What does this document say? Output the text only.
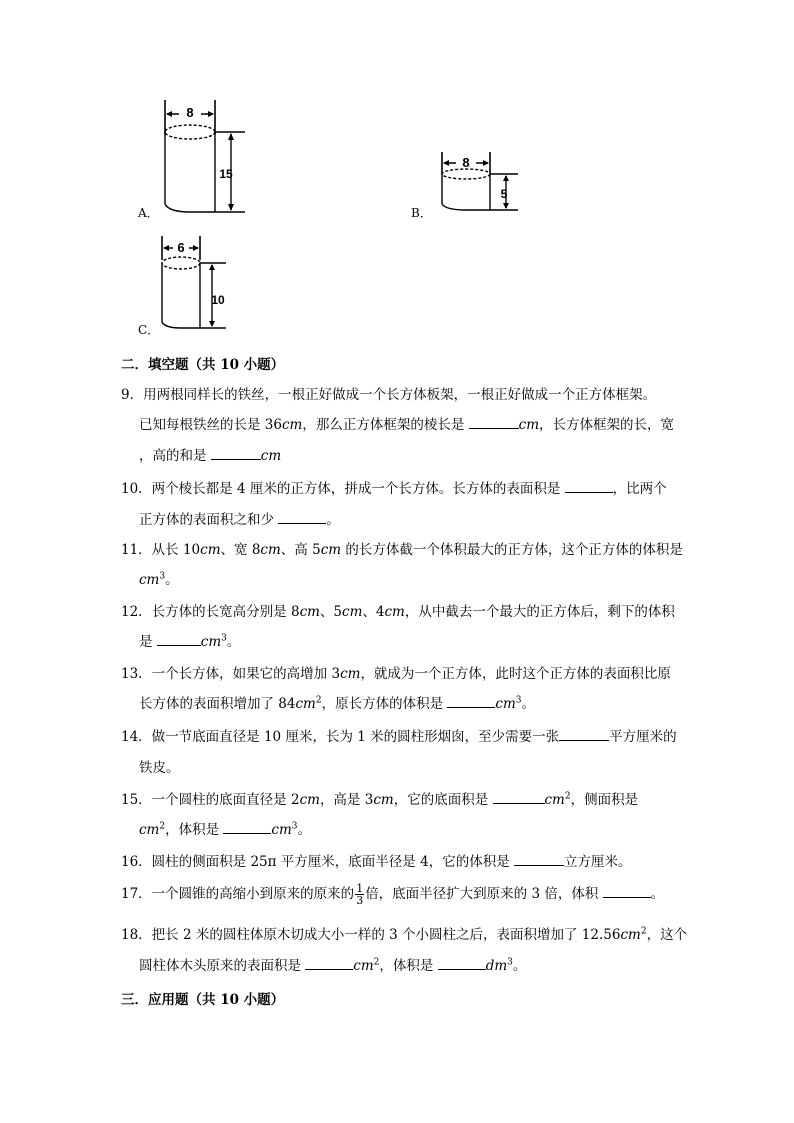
8
15
A．
8
5
B．
6
10
C．
二．填空题（共 10 小题）
9．用两根同样长的铁丝，一根正好做成一个长方体板架，一根正好做成一个正方体框架。
已知每根铁丝的长是 36cm，那么正方体框架的棱长是	cm，长方体框架的长，宽
，高的和是	cm
10．两个棱长都是 4 厘米的正方体，拼成一个长方体。长方体的表面积是	，比两个
正方体的表面积之和少	。
11．从长 10cm、宽 8cm、高 5cm 的长方体截一个体积最大的正方体，这个正方体的体积是
$cm^3$。
12．长方体的长宽高分别是 8cm、5cm、4cm，从中截去一个最大的正方体后，剩下的体积
是	$cm^3$。
13．一个长方体，如果它的高增加 3cm，就成为一个正方体，此时这个正方体的表面积比原
长方体的表面积增加了 $84cm^2$，原长方体的体积是	$cm^3$。
14．做一节底面直径是 10 厘米，长为 1 米的圆柱形烟囱，至少需要一张	平方厘米的
铁皮。
15．一个圆柱的底面直径是 2cm，高是 3cm，它的底面积是	$cm^2$，侧面积是
$cm^2$，体积是	$cm^3$。
16．圆柱的侧面积是 25π 平方厘米，底面半径是 4，它的体积是	立方厘米。
17．一个圆锥的高缩小到原来的原来的 $\frac{1}{3}$ 倍，底面半径扩大到原来的 3 倍，体积	。
18．把长 2 米的圆柱体原木切成大小一样的 3 个小圆柱之后，表面积增加了 $12.56cm^2$，这个
圆柱体木头原来的表面积是	$cm^2$，体积是	$dm^3$。
三．应用题（共 10 小题）
